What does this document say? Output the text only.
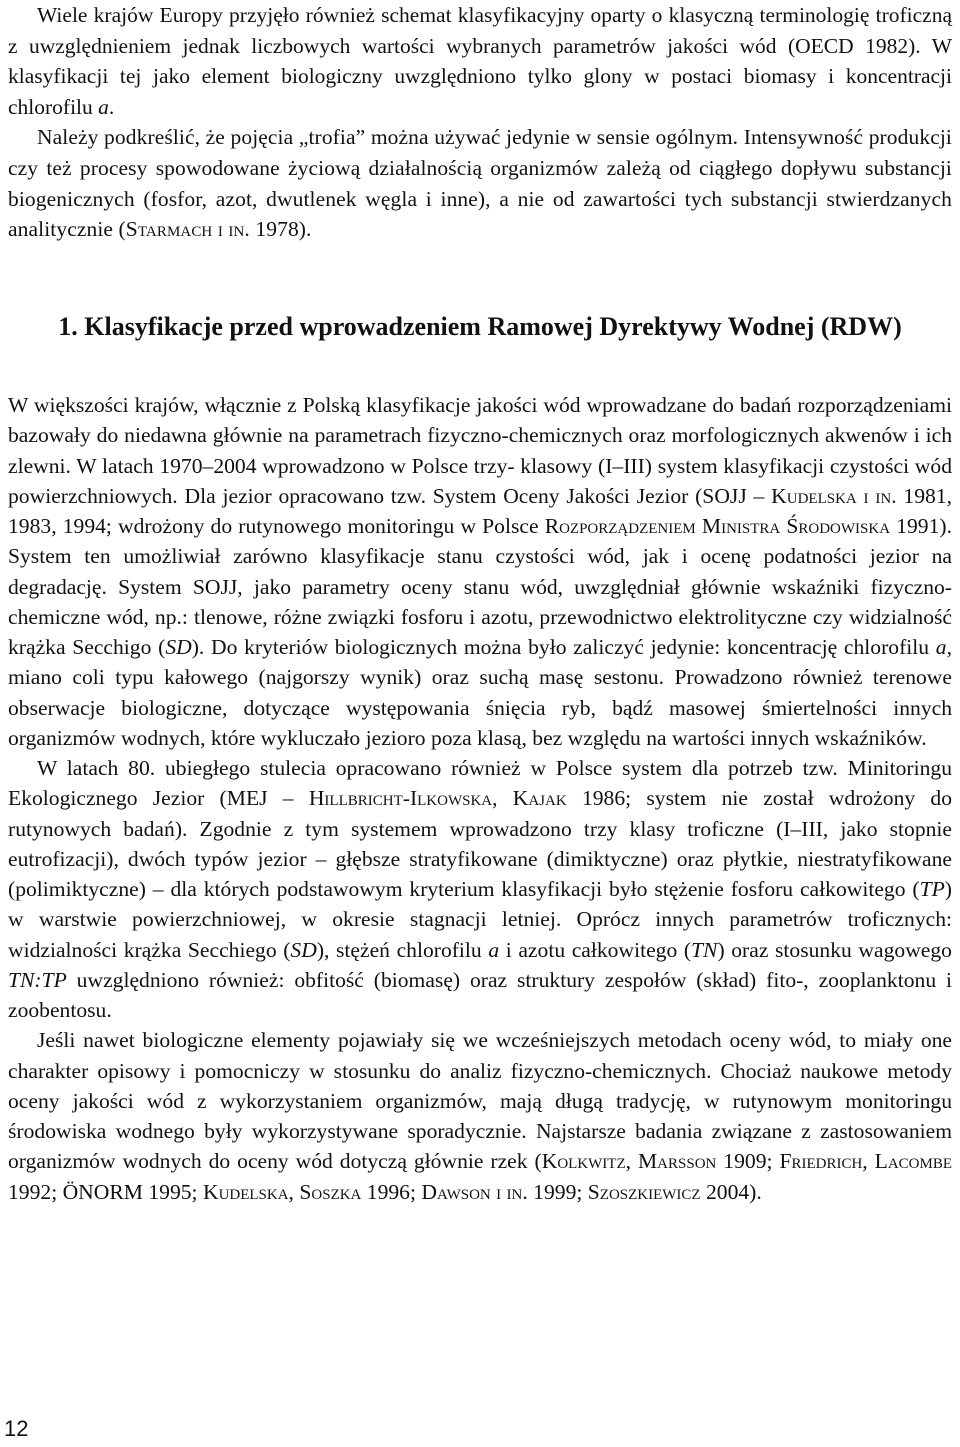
Wiele krajów Europy przyjęło również schemat klasyfikacyjny oparty o klasyczną terminologię troficzną z uwzględnieniem jednak liczbowych wartości wybranych parametrów jakości wód (OECD 1982). W klasyfikacji tej jako element biologiczny uwzględniono tylko glony w postaci biomasy i koncentracji chlorofilu a.

Należy podkreślić, że pojęcia „trofia” można używać jedynie w sensie ogólnym. Intensywność produkcji czy też procesy spowodowane życiową działalnością organizmów zależą od ciągłego dopływu substancji biogenicznych (fosfor, azot, dwutlenek węgla i inne), a nie od zawartości tych substancji stwierdzanych analitycznie (Starmach i in. 1978).

1. Klasyfikacje przed wprowadzeniem Ramowej Dyrektywy Wodnej (RDW)

W większości krajów, włącznie z Polską klasyfikacje jakości wód wprowadzane do badań rozporządzeniami bazowały do niedawna głównie na parametrach fizyczno-chemicznych oraz morfologicznych akwenów i ich zlewni. W latach 1970–2004 wprowadzono w Polsce trzy- klasowy (I–III) system klasyfikacji czystości wód powierzchniowych. Dla jezior opracowano tzw. System Oceny Jakości Jezior (SOJJ – Kudelska i in. 1981, 1983, 1994; wdrożony do rutynowego monitoringu w Polsce Rozporządzeniem Ministra Środowiska 1991). System ten umożliwiał zarówno klasyfikacje stanu czystości wód, jak i ocenę podatności jezior na degradację. System SOJJ, jako parametry oceny stanu wód, uwzględniał głównie wskaźniki fizyczno-chemiczne wód, np.: tlenowe, różne związki fosforu i azotu, przewodnictwo elektrolityczne czy widzialność krążka Secchigo (SD). Do kryteriów biologicznych można było zaliczyć jedynie: koncentrację chlorofilu a, miano coli typu kałowego (najgorszy wynik) oraz suchą masę sestonu. Prowadzono również terenowe obserwacje biologiczne, dotyczące występowania śnięcia ryb, bądź masowej śmiertelności innych organizmów wodnych, które wykluczało jezioro poza klasą, bez względu na wartości innych wskaźników.

W latach 80. ubiegłego stulecia opracowano również w Polsce system dla potrzeb tzw. Minitoringu Ekologicznego Jezior (MEJ – Hillbricht-Ilkowska, Kajak 1986; system nie został wdrożony do rutynowych badań). Zgodnie z tym systemem wprowadzono trzy klasy troficzne (I–III, jako stopnie eutrofizacji), dwóch typów jezior – głębsze stratyfikowane (dimiktyczne) oraz płytkie, niestratyfikowane (polimiktyczne) – dla których podstawowym kryterium klasyfikacji było stężenie fosforu całkowitego (TP) w warstwie powierzchniowej, w okresie stagnacji letniej. Oprócz innych parametrów troficznych: widzialności krążka Secchiego (SD), stężeń chlorofilu a i azotu całkowitego (TN) oraz stosunku wagowego TN:TP uwzględniono również: obfitość (biomasę) oraz struktury zespołów (skład) fito-, zooplanktonu i zoobentosu.

Jeśli nawet biologiczne elementy pojawiały się we wcześniejszych metodach oceny wód, to miały one charakter opisowy i pomocniczy w stosunku do analiz fizyczno-chemicznych. Chociaż naukowe metody oceny jakości wód z wykorzystaniem organizmów, mają długą tradycję, w rutynowym monitoringu środowiska wodnego były wykorzystywane sporadycznie. Najstarsze badania związane z zastosowaniem organizmów wodnych do oceny wód dotyczą głównie rzek (Kolkwitz, Marsson 1909; Friedrich, Lacombe 1992; ÖNORM 1995; Kudelska, Soszka 1996; Dawson i in. 1999; Szoszkiewicz 2004).

12
